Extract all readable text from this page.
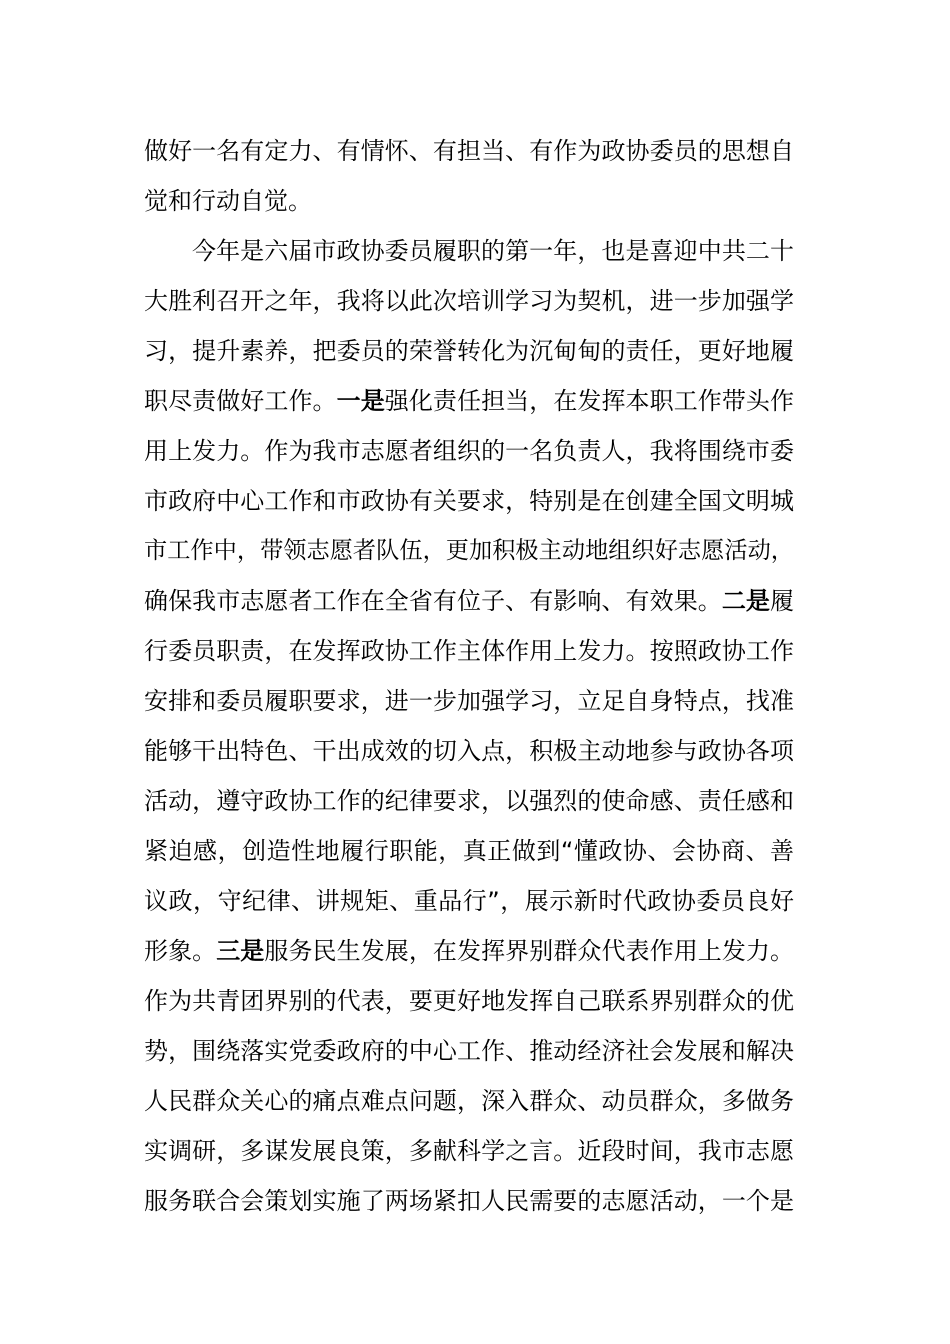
做好一名有定力、有情怀、有担当、有作为政协委员的思想自
觉和行动自觉。
今年是六届市政协委员履职的第一年，也是喜迎中共二十
大胜利召开之年，我将以此次培训学习为契机，进一步加强学
习，提升素养，把委员的荣誉转化为沉甸甸的责任，更好地履
职尽责做好工作。一是强化责任担当，在发挥本职工作带头作
用上发力。作为我市志愿者组织的一名负责人，我将围绕市委
市政府中心工作和市政协有关要求，特别是在创建全国文明城
市工作中，带领志愿者队伍，更加积极主动地组织好志愿活动，
确保我市志愿者工作在全省有位子、有影响、有效果。二是履
行委员职责，在发挥政协工作主体作用上发力。按照政协工作
安排和委员履职要求，进一步加强学习，立足自身特点，找准
能够干出特色、干出成效的切入点，积极主动地参与政协各项
活动，遵守政协工作的纪律要求，以强烈的使命感、责任感和
紧迫感，创造性地履行职能，真正做到“懂政协、会协商、善
议政，守纪律、讲规矩、重品行”，展示新时代政协委员良好
形象。三是服务民生发展，在发挥界别群众代表作用上发力。
作为共青团界别的代表，要更好地发挥自己联系界别群众的优
势，围绕落实党委政府的中心工作、推动经济社会发展和解决
人民群众关心的痛点难点问题，深入群众、动员群众，多做务
实调研，多谋发展良策，多献科学之言。近段时间，我市志愿
服务联合会策划实施了两场紧扣人民需要的志愿活动，一个是
